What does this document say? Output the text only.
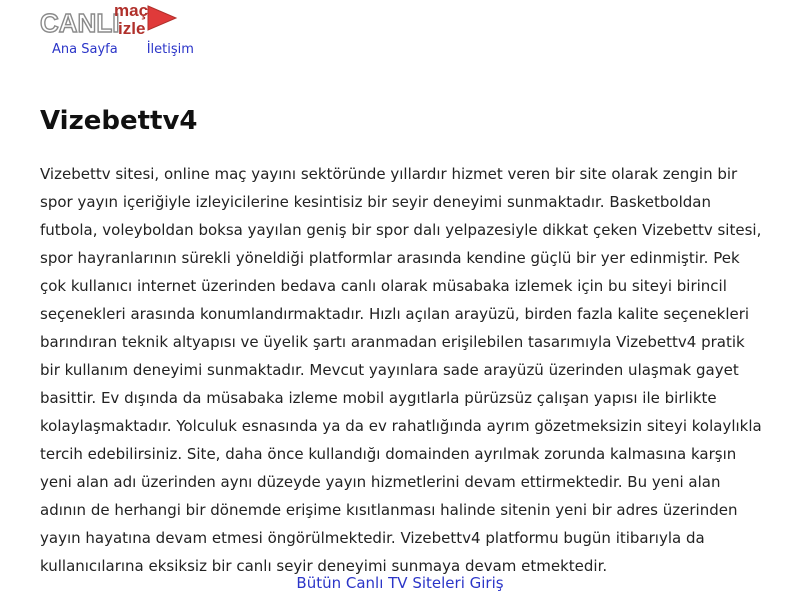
CANLI
maç
izle
Ana Sayfa İletişim
Vizebettv4

Vizebettv sitesi, online maç yayını sektöründe yıllardır hizmet veren bir site olarak zengin bir spor yayın içeriğiyle izleyicilerine kesintisiz bir seyir deneyimi sunmaktadır. Basketboldan futbola, voleyboldan boksa yayılan geniş bir spor dalı yelpazesiyle dikkat çeken Vizebettv sitesi, spor hayranlarının sürekli yöneldiği platformlar arasında kendine güçlü bir yer edinmiştir. Pek çok kullanıcı internet üzerinden bedava canlı olarak müsabaka izlemek için bu siteyi birincil seçenekleri arasında konumlandırmaktadır. Hızlı açılan arayüzü, birden fazla kalite seçenekleri barındıran teknik altyapısı ve üyelik şartı aranmadan erişilebilen tasarımıyla Vizebettv4 pratik bir kullanım deneyimi sunmaktadır. Mevcut yayınlara sade arayüzü üzerinden ulaşmak gayet basittir. Ev dışında da müsabaka izleme mobil aygıtlarla pürüzsüz çalışan yapısı ile birlikte kolaylaşmaktadır. Yolculuk esnasında ya da ev rahatlığında ayrım gözetmeksizin siteyi kolaylıkla tercih edebilirsiniz. Site, daha önce kullandığı domainden ayrılmak zorunda kalmasına karşın yeni alan adı üzerinden aynı düzeyde yayın hizmetlerini devam ettirmektedir. Bu yeni alan adının de herhangi bir dönemde erişime kısıtlanması halinde sitenin yeni bir adres üzerinden yayın hayatına devam etmesi öngörülmektedir. Vizebettv4 platformu bugün itibarıyla da kullanıcılarına eksiksiz bir canlı seyir deneyimi sunmaya devam etmektedir.

Bütün Canlı TV Siteleri Giriş
